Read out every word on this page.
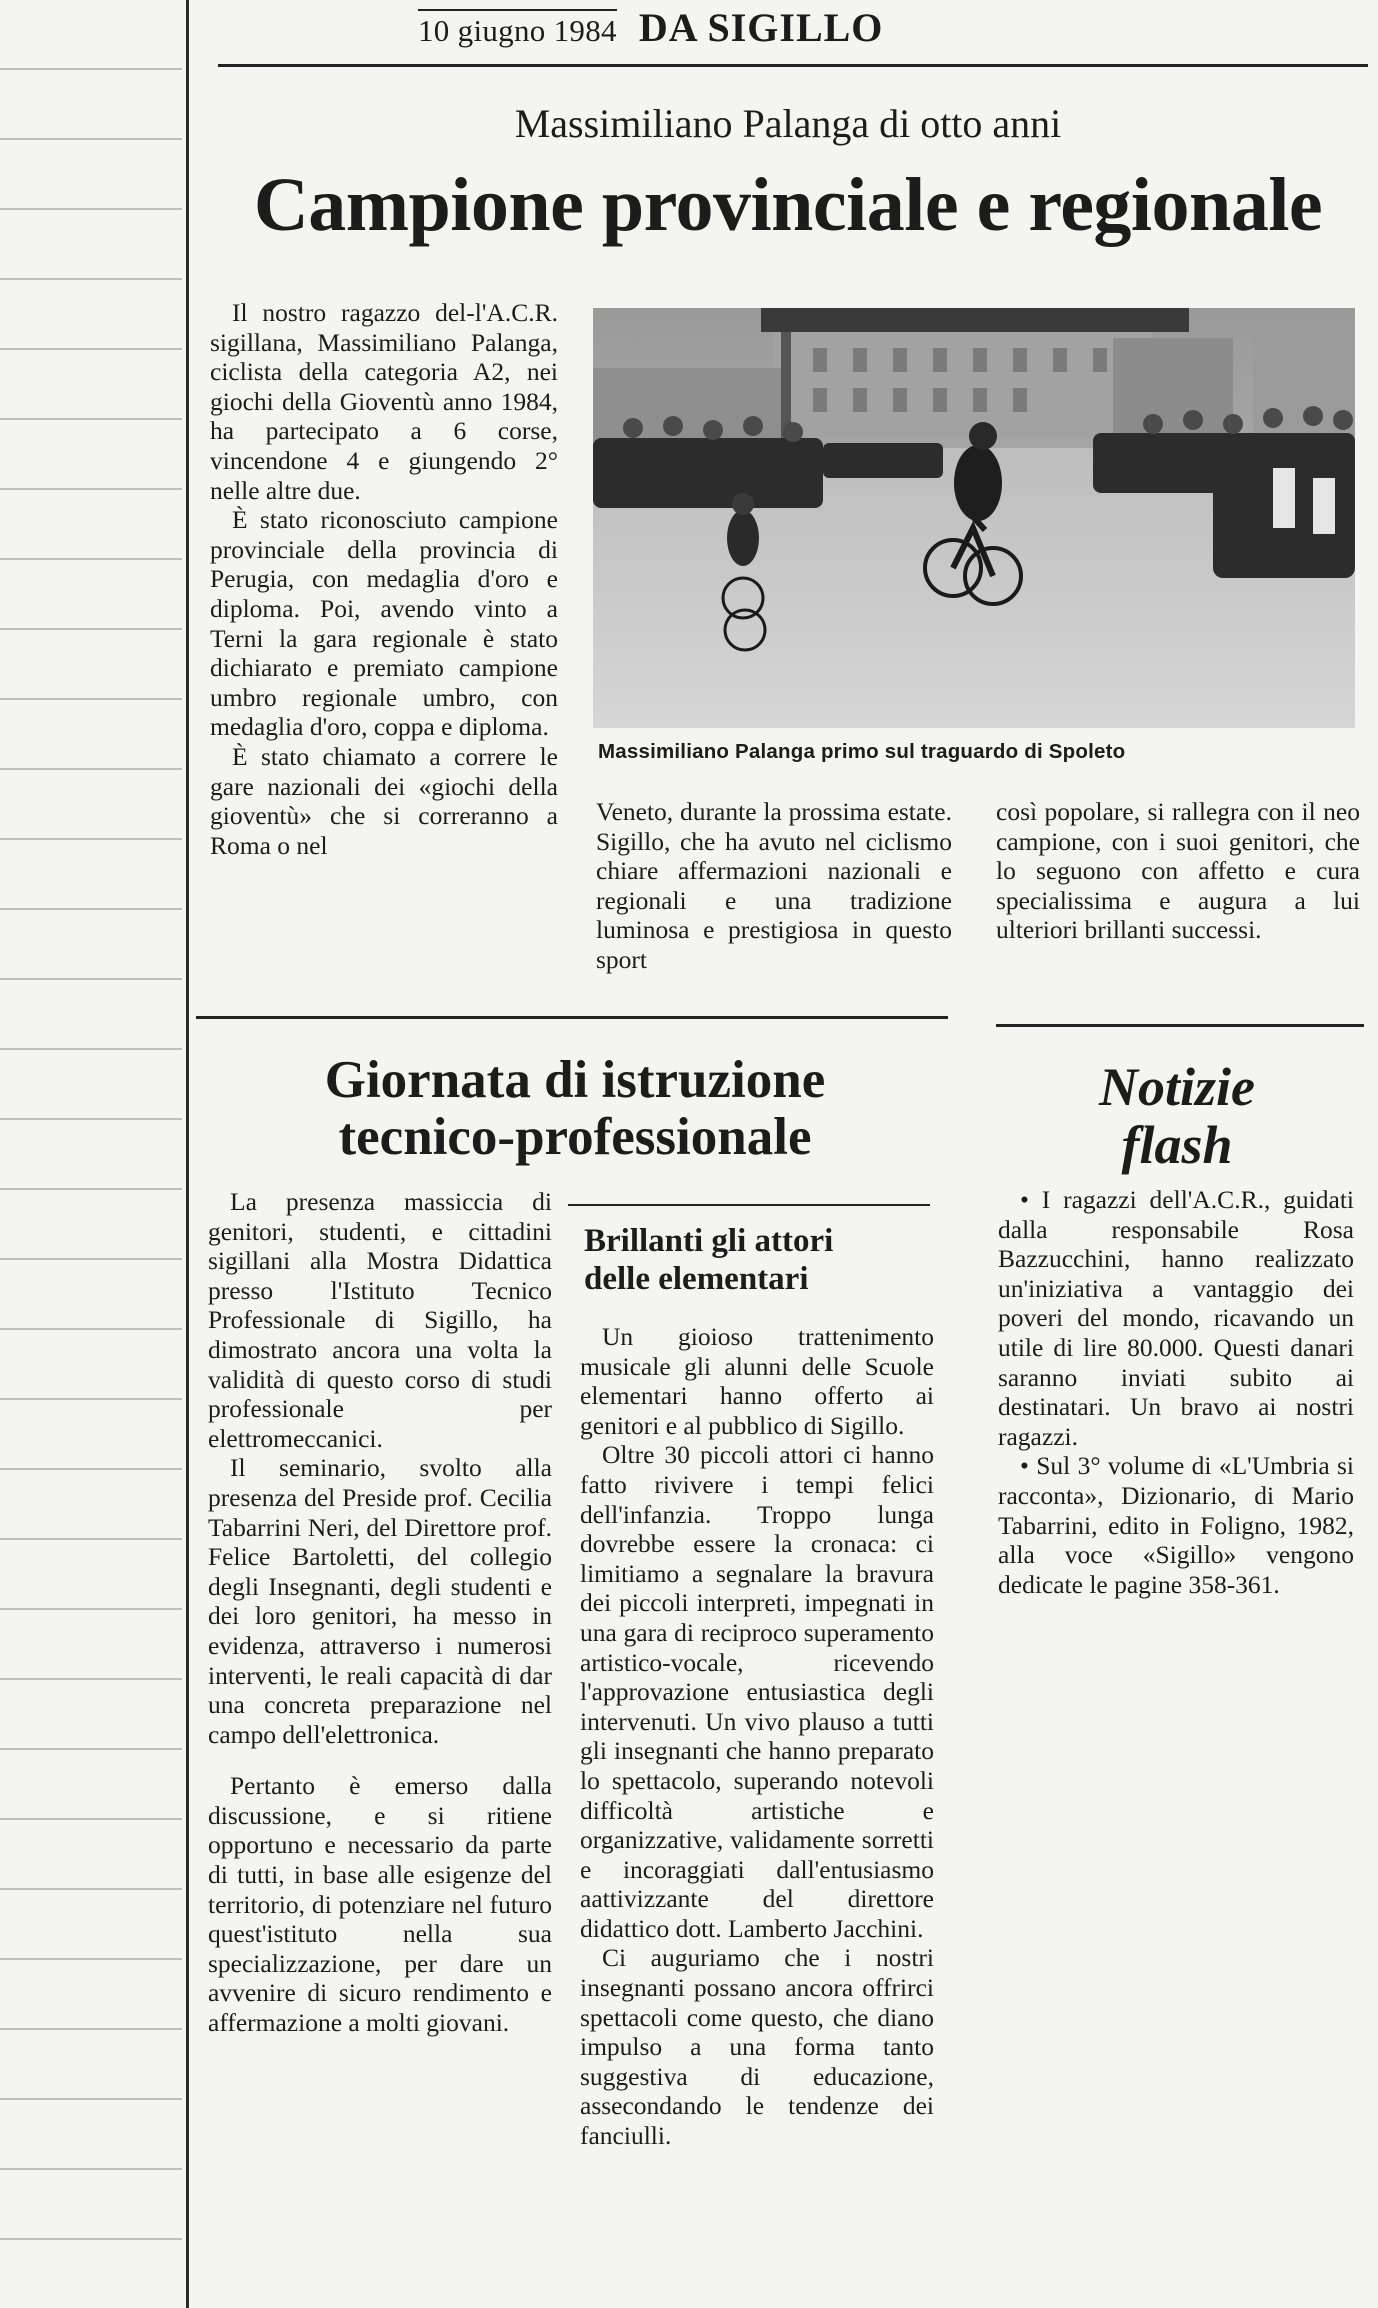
10 giugno 1984 DA SIGILLO
Massimiliano Palanga di otto anni
Campione provinciale e regionale

Il nostro ragazzo del-l'A.C.R. sigillana, Massimiliano Palanga, ciclista della categoria A2, nei giochi della Gioventù anno 1984, ha partecipato a 6 corse, vincendone 4 e giungendo 2° nelle altre due.

È stato riconosciuto campione provinciale della provincia di Perugia, con medaglia d'oro e diploma. Poi, avendo vinto a Terni la gara regionale è stato dichiarato e premiato campione umbro regionale umbro, con medaglia d'oro, coppa e diploma.

È stato chiamato a correre le gare nazionali dei «giochi della gioventù» che si correranno a Roma o nel

Massimiliano Palanga primo sul traguardo di Spoleto

Veneto, durante la prossima estate. Sigillo, che ha avuto nel ciclismo chiare affermazioni nazionali e regionali e una tradizione luminosa e prestigiosa in questo sport

così popolare, si rallegra con il neo campione, con i suoi genitori, che lo seguono con affetto e cura specialissima e augura a lui ulteriori brillanti successi.

Giornata di istruzione
tecnico-professionale
Notizie
flash

La presenza massiccia di genitori, studenti, e cittadini sigillani alla Mostra Didattica presso l'Istituto Tecnico Professionale di Sigillo, ha dimostrato ancora una volta la validità di questo corso di studi professionale per elettromeccanici.

Il seminario, svolto alla presenza del Preside prof. Cecilia Tabarrini Neri, del Direttore prof. Felice Bartoletti, del collegio degli Insegnanti, degli studenti e dei loro genitori, ha messo in evidenza, attraverso i numerosi interventi, le reali capacità di dar una concreta preparazione nel campo dell'elettronica.

Pertanto è emerso dalla discussione, e si ritiene opportuno e necessario da parte di tutti, in base alle esigenze del territorio, di potenziare nel futuro quest'istituto nella sua specializzazione, per dare un avvenire di sicuro rendimento e affermazione a molti giovani.

Brillanti gli attori
delle elementari

Un gioioso trattenimento musicale gli alunni delle Scuole elementari hanno offerto ai genitori e al pubblico di Sigillo.

Oltre 30 piccoli attori ci hanno fatto rivivere i tempi felici dell'infanzia. Troppo lunga dovrebbe essere la cronaca: ci limitiamo a segnalare la bravura dei piccoli interpreti, impegnati in una gara di reciproco superamento artistico-vocale, ricevendo l'approvazione entusiastica degli intervenuti. Un vivo plauso a tutti gli insegnanti che hanno preparato lo spettacolo, superando notevoli difficoltà artistiche e organizzative, validamente sorretti e incoraggiati dall'entusiasmo aattivizzante del direttore didattico dott. Lamberto Jacchini.

Ci auguriamo che i nostri insegnanti possano ancora offrirci spettacoli come questo, che diano impulso a una forma tanto suggestiva di educazione, assecondando le tendenze dei fanciulli.

• I ragazzi dell'A.C.R., guidati dalla responsabile Rosa Bazzucchini, hanno realizzato un'iniziativa a vantaggio dei poveri del mondo, ricavando un utile di lire 80.000. Questi danari saranno inviati subito ai destinatari. Un bravo ai nostri ragazzi.

• Sul 3° volume di «L'Umbria si racconta», Dizionario, di Mario Tabarrini, edito in Foligno, 1982, alla voce «Sigillo» vengono dedicate le pagine 358-361.
